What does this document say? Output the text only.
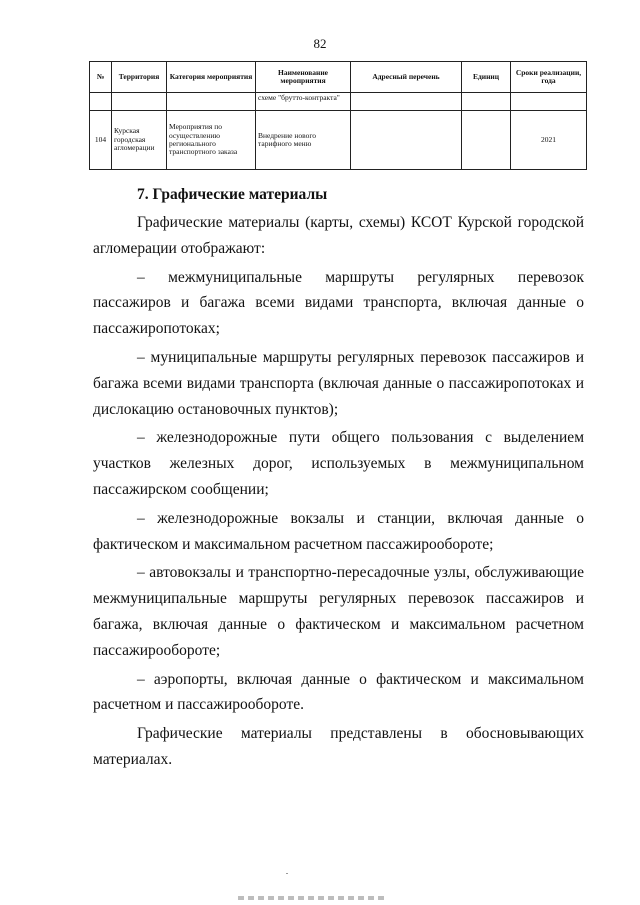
82
№	Территория	Категория мероприятия	Наименование мероприятия	Адресный перечень	Единиц	Сроки реализации, года
			схеме "брутто-контракта"			
104	Курская городская агломерации	Мероприятия по осуществлению регионального транспортного заказа	Внедрение нового тарифного меню			2021
7. Графические материалы

Графические материалы (карты, схемы) КСОТ Курской городской агломерации отображают:

– межмуниципальные маршруты регулярных перевозок пассажиров и багажа всеми видами транспорта, включая данные о пассажиропотоках;

– муниципальные маршруты регулярных перевозок пассажиров и багажа всеми видами транспорта (включая данные о пассажиропотоках и дислокацию остановочных пунктов);

– железнодорожные пути общего пользования с выделением участков железных дорог, используемых в межмуниципальном пассажирском сообщении;

– железнодорожные вокзалы и станции, включая данные о фактическом и максимальном расчетном пассажирообороте;

– автовокзалы и транспортно-пересадочные узлы, обслуживающие межмуниципальные маршруты регулярных перевозок пассажиров и багажа, включая данные о фактическом и максимальном расчетном пассажирообороте;

– аэропорты, включая данные о фактическом и максимальном расчетном и пассажирообороте.

Графические материалы представлены в обосновывающих материалах.
